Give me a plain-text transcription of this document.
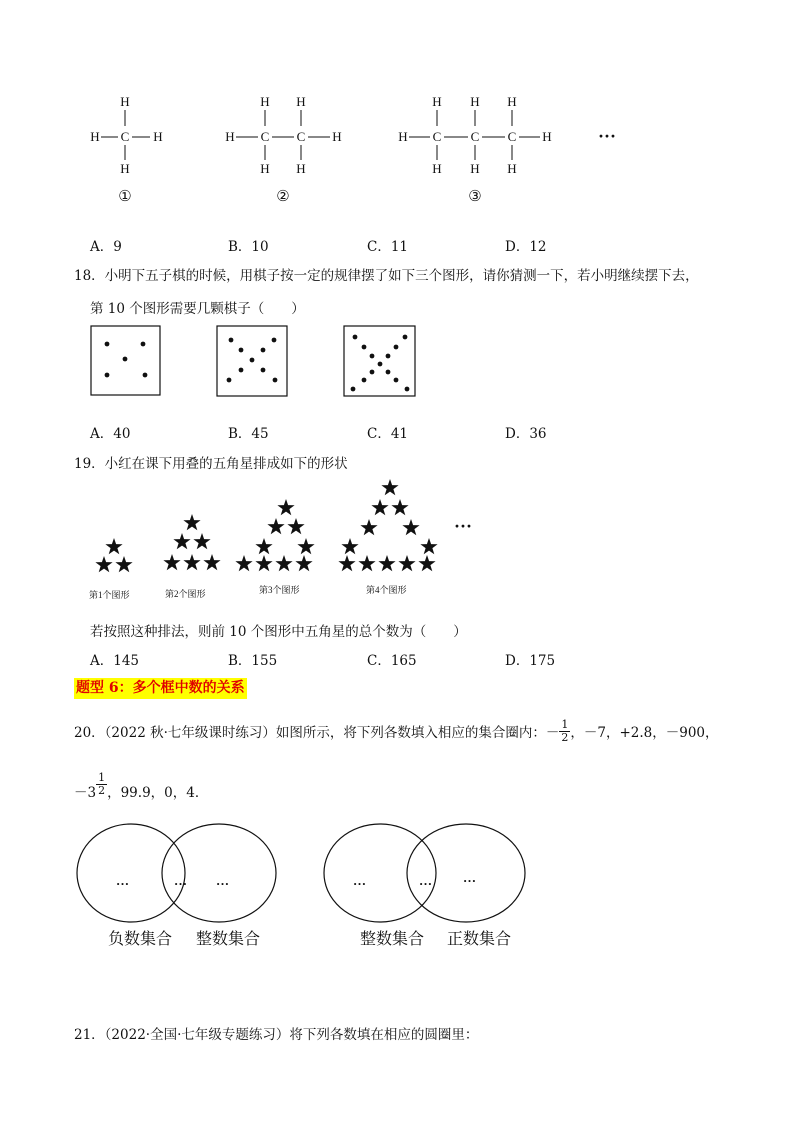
H
H C H
H
①
H H
H C C H
H H
②
H H H
H C C C H
H H H
③
···
A．9	B．10	C．11	D．12
18．小明下五子棋的时候，用棋子按一定的规律摆了如下三个图形，请你猜测一下，若小明继续摆下去，
第 10 个图形需要几颗棋子（　　）
A．40	B．45	C．41	D．36
19．小红在课下用叠的五角星排成如下的形状
···
第1个图形	第2个图形	第3个图形	第4个图形
若按照这种排法，则前 10 个图形中五角星的总个数为（　　）
A．145	B．155	C．165	D．175
题型 6：多个框中数的关系
20．（2022 秋·七年级课时练习）如图所示，将下列各数填入相应的集合圈内： － $\frac{1}{2}$ ，－7，+2.8，－900，
$-3 \frac{1}{2}$ ，99.9，0，4．
…	… …	…	… …
负数集合 整数集合	整数集合 正数集合
21．（2022·全国·七年级专题练习）将下列各数填在相应的圆圈里：
